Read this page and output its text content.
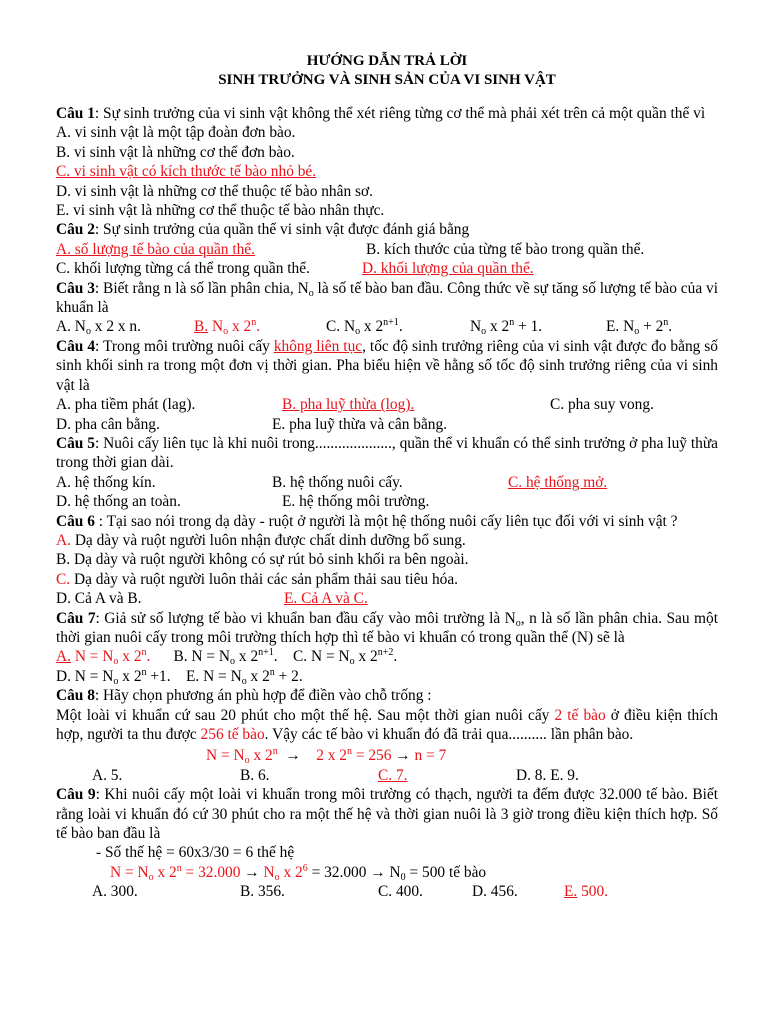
HƯỚNG DẪN TRẢ LỜI
SINH TRƯỞNG VÀ SINH SẢN CỦA VI SINH VẬT
Câu 1: Sự sinh trưởng của vi sinh vật không thể xét riêng từng cơ thể mà phải xét trên cả một quần thể vì
A. vi sinh vật là một tập đoàn đơn bào.
B. vi sinh vật là những cơ thể đơn bào.
C. vi sinh vật có kích thước tế bào nhỏ bé.
D. vi sinh vật là những cơ thể thuộc tế bào nhân sơ.
E. vi sinh vật là những cơ thể thuộc tế bào nhân thực.
Câu 2: Sự sinh trưởng của quần thể vi sinh vật được đánh giá bằng
A. số lượng tế bào của quần thể.	B. kích thước của từng tế bào trong quần thể.
C. khối lượng từng cá thể trong quần thể.	D. khối lượng của quần thể.
Câu 3: Biết rằng n là số lần phân chia, $N_o$ là số tế bào ban đầu. Công thức về sự tăng số lượng tế bào của vi khuẩn là
A. $N_o$ x 2 x n.	B. $N_o$ x 2$^n$.	C. $N_o$ x $2^{n+1}$.	$N_o$ x $2^n + 1$.	E. $N_o + 2^n$.
Câu 4: Trong môi trường nuôi cấy không liên tục, tốc độ sinh trưởng riêng của vi sinh vật được đo bằng số sinh khối sinh ra trong một đơn vị thời gian. Pha biểu hiện về hằng số tốc độ sinh trưởng riêng của vi sinh vật là
A. pha tiềm phát (lag).	B. pha luỹ thừa (log).	C. pha suy vong.
D. pha cân bằng.	E. pha luỹ thừa và cân bằng.
Câu 5: Nuôi cấy liên tục là khi nuôi trong...................., quần thể vi khuẩn có thể sinh trưởng ở pha luỹ thừa trong thời gian dài.
A. hệ thống kín.	B. hệ thống nuôi cấy.	C. hệ thống mở.
D. hệ thống an toàn.	E. hệ thống môi trường.
Câu 6 : Tại sao nói trong dạ dày - ruột ở người là một hệ thống nuôi cấy liên tục đối với vi sinh vật ?
A. Dạ dày và ruột người luôn nhận được chất dinh dưỡng bổ sung.
B. Dạ dày và ruột người không có sự rút bỏ sinh khối ra bên ngoài.
C. Dạ dày và ruột người luôn thải các sản phẩm thải sau tiêu hóa.
D. Cả A và B.	E. Cả A và C.
Câu 7: Giả sử số lượng tế bào vi khuẩn ban đầu cấy vào môi trường là $N_o$, n là số lần phân chia. Sau một thời gian nuôi cấy trong môi trường thích hợp thì tế bào vi khuẩn có trong quần thể (N) sẽ là
A. $N = N_o$ x 2$^n$. B. $N = N_o$ x $2^{n+1}$. C. $N = N_o$ x $2^{n+2}$.
D. $N = N_o$ x $2^n +1$. E. $N = N_o$ x $2^n + 2$.
Câu 8: Hãy chọn phương án phù hợp để điền vào chỗ trống :
Một loài vi khuẩn cứ sau 20 phút cho một thế hệ. Sau một thời gian nuôi cấy 2 tế bào ở điều kiện thích hợp, người ta thu được 256 tế bào. Vậy các tế bào vi khuẩn đó đã trải qua.......... lần phân bào.
$N = N_o$ x $2^n \to 2$ x $2^n = 256 \to n = 7$
A. 5.	B. 6.	C. 7.	D. 8. E. 9.
Câu 9: Khi nuôi cấy một loài vi khuẩn trong môi trường có thạch, người ta đếm được 32.000 tế bào. Biết rằng loài vi khuẩn đó cứ 30 phút cho ra một thế hệ và thời gian nuôi là 3 giờ trong điều kiện thích hợp. Số tế bào ban đầu là
- Số thế hệ = 60x3/30 = 6 thế hệ
$N = N_o$ x $2^n = 32.000 \to N_o$ x $2^6 = 32.000 \to N_0 = 500$ tế bào
A. 300.	B. 356.	C. 400.	D. 456.	E. 500.
